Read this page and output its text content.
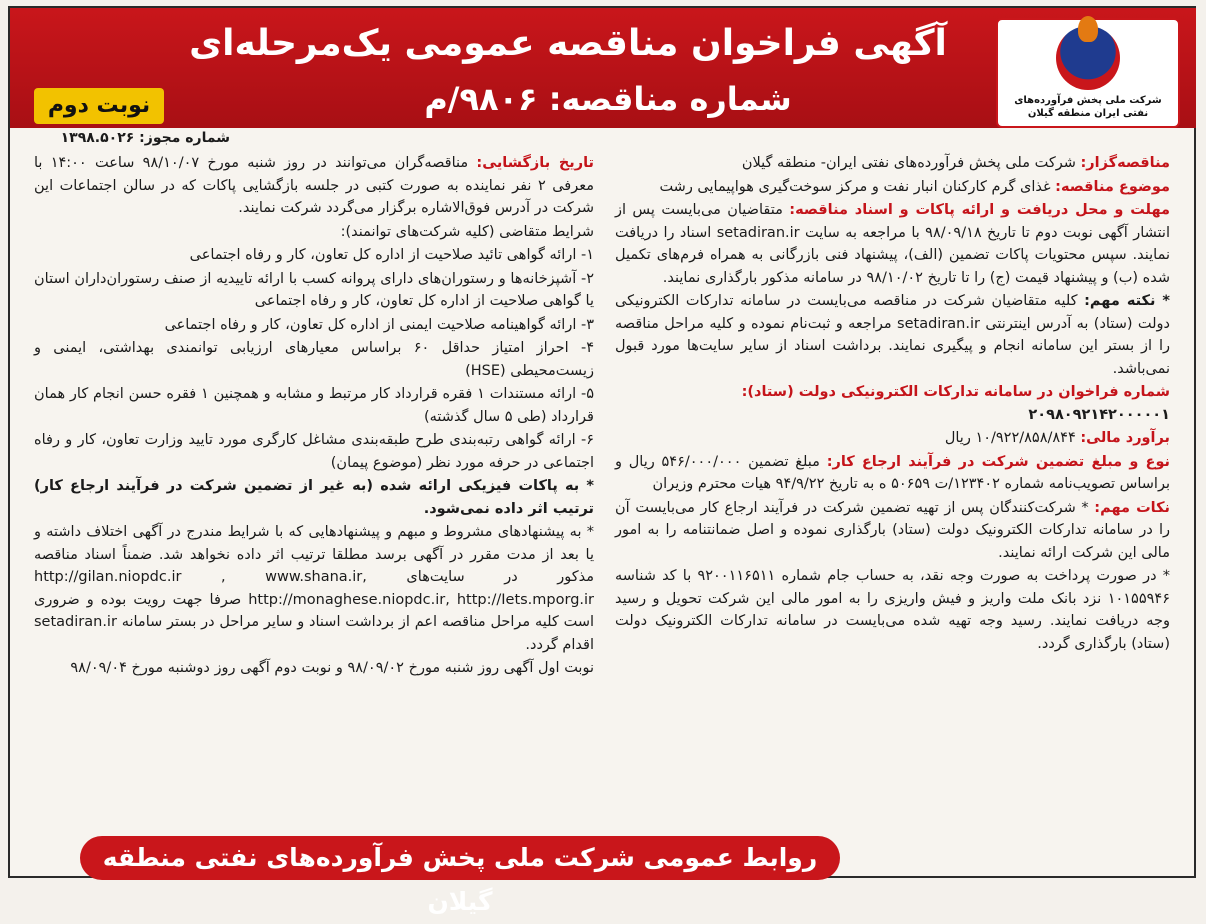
آگهی فراخوان مناقصه عمومی یک‌مرحله‌ای
شماره مناقصه: ۹۸۰۶/م
نوبت دوم	شرکت ملی پخش فرآورده‌های نفتی ایران منطقه گیلان
شماره مجوز: ۱۳۹۸.۵۰۲۶

مناقصه‌گزار: شرکت ملی پخش فرآورده‌های نفتی ایران- منطقه گیلان

موضوع مناقصه: غذای گرم کارکنان انبار نفت و مرکز سوخت‌گیری هواپیمایی رشت

مهلت و محل دریافت و ارائه پاکات و اسناد مناقصه: متقاضیان می‌بایست پس از انتشار آگهی نوبت دوم تا تاریخ ۹۸/۰۹/۱۸ با مراجعه به سایت setadiran.ir اسناد را دریافت نمایند. سپس محتویات پاکات تضمین (الف)، پیشنهاد فنی بازرگانی به همراه فرم‌های تکمیل شده (ب) و پیشنهاد قیمت (ج) را تا تاریخ ۹۸/۱۰/۰۲ در سامانه مذکور بارگذاری نمایند.

* نکته مهم: کلیه متقاضیان شرکت در مناقصه می‌بایست در سامانه تدارکات الکترونیکی دولت (ستاد) به آدرس اینترنتی setadiran.ir مراجعه و ثبت‌نام نموده و کلیه مراحل مناقصه را از بستر این سامانه انجام و پیگیری نمایند. برداشت اسناد از سایر سایت‌ها مورد قبول نمی‌باشد.

شماره فراخوان در سامانه تدارکات الکترونیکی دولت (ستاد):
۲۰۹۸۰۹۲۱۴۲۰۰۰۰۰۱

برآورد مالی: ۱۰/۹۲۲/۸۵۸/۸۴۴ ریال

نوع و مبلغ تضمین شرکت در فرآیند ارجاع کار: مبلغ تضمین ۵۴۶/۰۰۰/۰۰۰ ریال و براساس تصویب‌نامه شماره ۱۲۳۴۰۲/ت ۵۰۶۵۹ ه به تاریخ ۹۴/۹/۲۲ هیات محترم وزیران

نکات مهم: * شرکت‌کنندگان پس از تهیه تضمین شرکت در فرآیند ارجاع کار می‌بایست آن را در سامانه تدارکات الکترونیک دولت (ستاد) بارگذاری نموده و اصل ضمانتنامه را به امور مالی این شرکت ارائه نمایند.

* در صورت پرداخت به صورت وجه نقد، به حساب جام شماره ۹۲۰۰۱۱۶۵۱۱ با کد شناسه ۱۰۱۵۵۹۴۶ نزد بانک ملت واریز و فیش واریزی را به امور مالی این شرکت تحویل و رسید وجه دریافت نمایند. رسید وجه تهیه شده می‌بایست در سامانه تدارکات الکترونیک دولت (ستاد) بارگذاری گردد.

تاریخ بازگشایی: مناقصه‌گران می‌توانند در روز شنبه مورخ ۹۸/۱۰/۰۷ ساعت ۱۴:۰۰ با معرفی ۲ نفر نماینده به صورت کتبی در جلسه بازگشایی پاکات که در سالن اجتماعات این شرکت در آدرس فوق‌الاشاره برگزار می‌گردد شرکت نمایند.

شرایط متقاضی (کلیه شرکت‌های توانمند):

۱- ارائه گواهی تائید صلاحیت از اداره کل تعاون، کار و رفاه اجتماعی

۲- آشپزخانه‌ها و رستوران‌های دارای پروانه کسب با ارائه تاییدیه از صنف رستوران‌داران استان یا گواهی صلاحیت از اداره کل تعاون، کار و رفاه اجتماعی

۳- ارائه گواهینامه صلاحیت ایمنی از اداره کل تعاون، کار و رفاه اجتماعی

۴- احراز امتیاز حداقل ۶۰ براساس معیارهای ارزیابی توانمندی بهداشتی، ایمنی و زیست‌محیطی (HSE)

۵- ارائه مستندات ۱ فقره قرارداد کار مرتبط و مشابه و همچنین ۱ فقره حسن انجام کار همان قرارداد (طی ۵ سال گذشته)

۶- ارائه گواهی رتبه‌بندی طرح طبقه‌بندی مشاغل کارگری مورد تایید وزارت تعاون، کار و رفاه اجتماعی در حرفه مورد نظر (موضوع پیمان)

* به پاکات فیزیکی ارائه شده (به غیر از تضمین شرکت در فرآیند ارجاع کار) ترتیب اثر داده نمی‌شود.

* به پیشنهادهای مشروط و مبهم و پیشنهادهایی که با شرایط مندرج در آگهی اختلاف داشته و یا بعد از مدت مقرر در آگهی برسد مطلقا ترتیب اثر داده نخواهد شد. ضمناً اسناد مناقصه مذکور در سایت‌های http://gilan.niopdc.ir , www.shana.ir, http://monaghese.niopdc.ir, http://Iets.mporg.ir صرفا جهت رویت بوده و ضروری است کلیه مراحل مناقصه اعم از برداشت اسناد و سایر مراحل در بستر سامانه setadiran.ir اقدام گردد.

نوبت اول آگهی روز شنبه مورخ ۹۸/۰۹/۰۲ و نوبت دوم آگهی روز دوشنبه مورخ ۹۸/۰۹/۰۴

روابط عمومی شرکت ملی پخش فرآورده‌های نفتی منطقه گیلان
